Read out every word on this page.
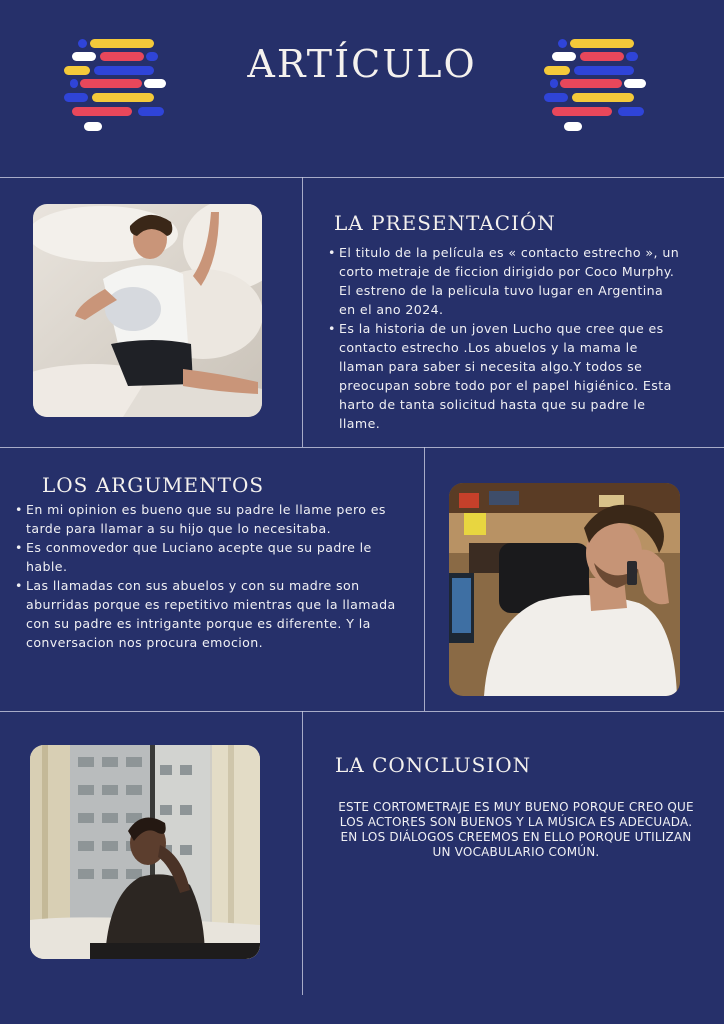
ARTÍCULO
LA PRESENTACIÓN
• El titulo de la película es « contacto estrecho », un corto metraje de ficcion dirigido por Coco Murphy. El estreno de la pelicula tuvo lugar en Argentina en el ano 2024.
• Es la historia de un joven Lucho que cree que es contacto estrecho .Los abuelos y la mama le llaman para saber si necesita algo.Y todos se preocupan sobre todo por el papel higiénico. Esta harto de tanta solicitud hasta que su padre le llame.
LOS ARGUMENTOS
• En mi opinion es bueno que su padre le llame pero es tarde para llamar a su hijo que lo necesitaba.
• Es conmovedor que Luciano acepte que su padre le hable.
• Las llamadas con sus abuelos y con su madre son aburridas porque es repetitivo mientras que la llamada con su padre es intrigante porque es diferente. Y la conversacion nos procura emocion.
LA CONCLUSION
ESTE CORTOMETRAJE ES MUY BUENO PORQUE CREO QUE LOS ACTORES SON BUENOS Y LA MÚSICA ES ADECUADA. EN LOS DIÁLOGOS CREEMOS EN ELLO PORQUE UTILIZAN UN VOCABULARIO COMÚN.
